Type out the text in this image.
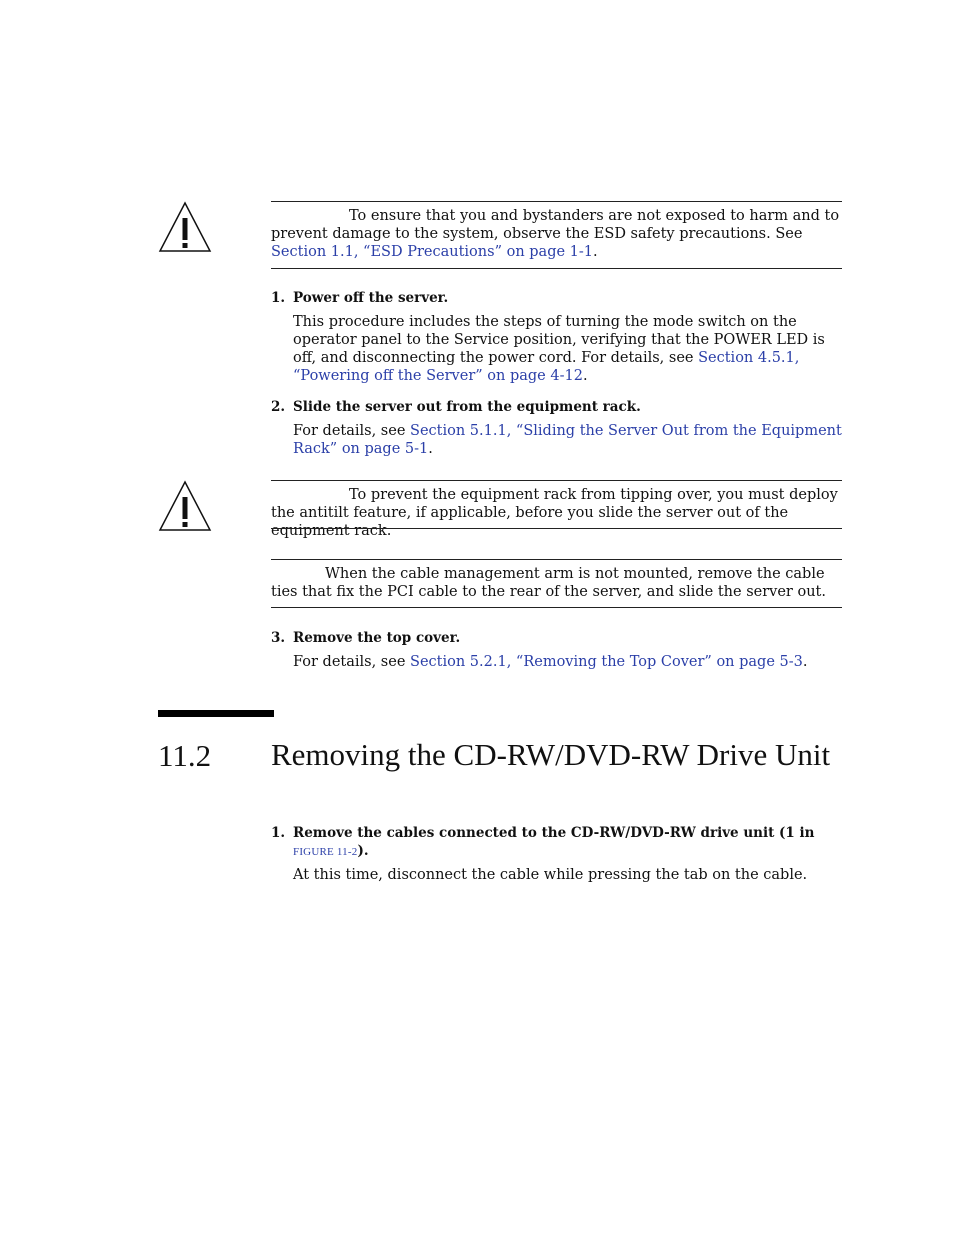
To ensure that you and bystanders are not exposed to harm and to prevent damage to the system, observe the ESD safety precautions. See Section 1.1, “ESD Precautions” on page 1-1.
1. Power off the server.
This procedure includes the steps of turning the mode switch on the operator panel to the Service position, verifying that the POWER LED is off, and disconnecting the power cord. For details, see Section 4.5.1, “Powering off the Server” on page 4-12.
2. Slide the server out from the equipment rack.
For details, see Section 5.1.1, “Sliding the Server Out from the Equipment Rack” on page 5-1.
To prevent the equipment rack from tipping over, you must deploy the antitilt feature, if applicable, before you slide the server out of the equipment rack.
When the cable management arm is not mounted, remove the cable ties that fix the PCI cable to the rear of the server, and slide the server out.
3. Remove the top cover.
For details, see Section 5.2.1, “Removing the Top Cover” on page 5-3.
11.2 Removing the CD-RW/DVD-RW Drive Unit
1. Remove the cables connected to the CD-RW/DVD-RW drive unit (1 in
FIGURE 11-2).
At this time, disconnect the cable while pressing the tab on the cable.
